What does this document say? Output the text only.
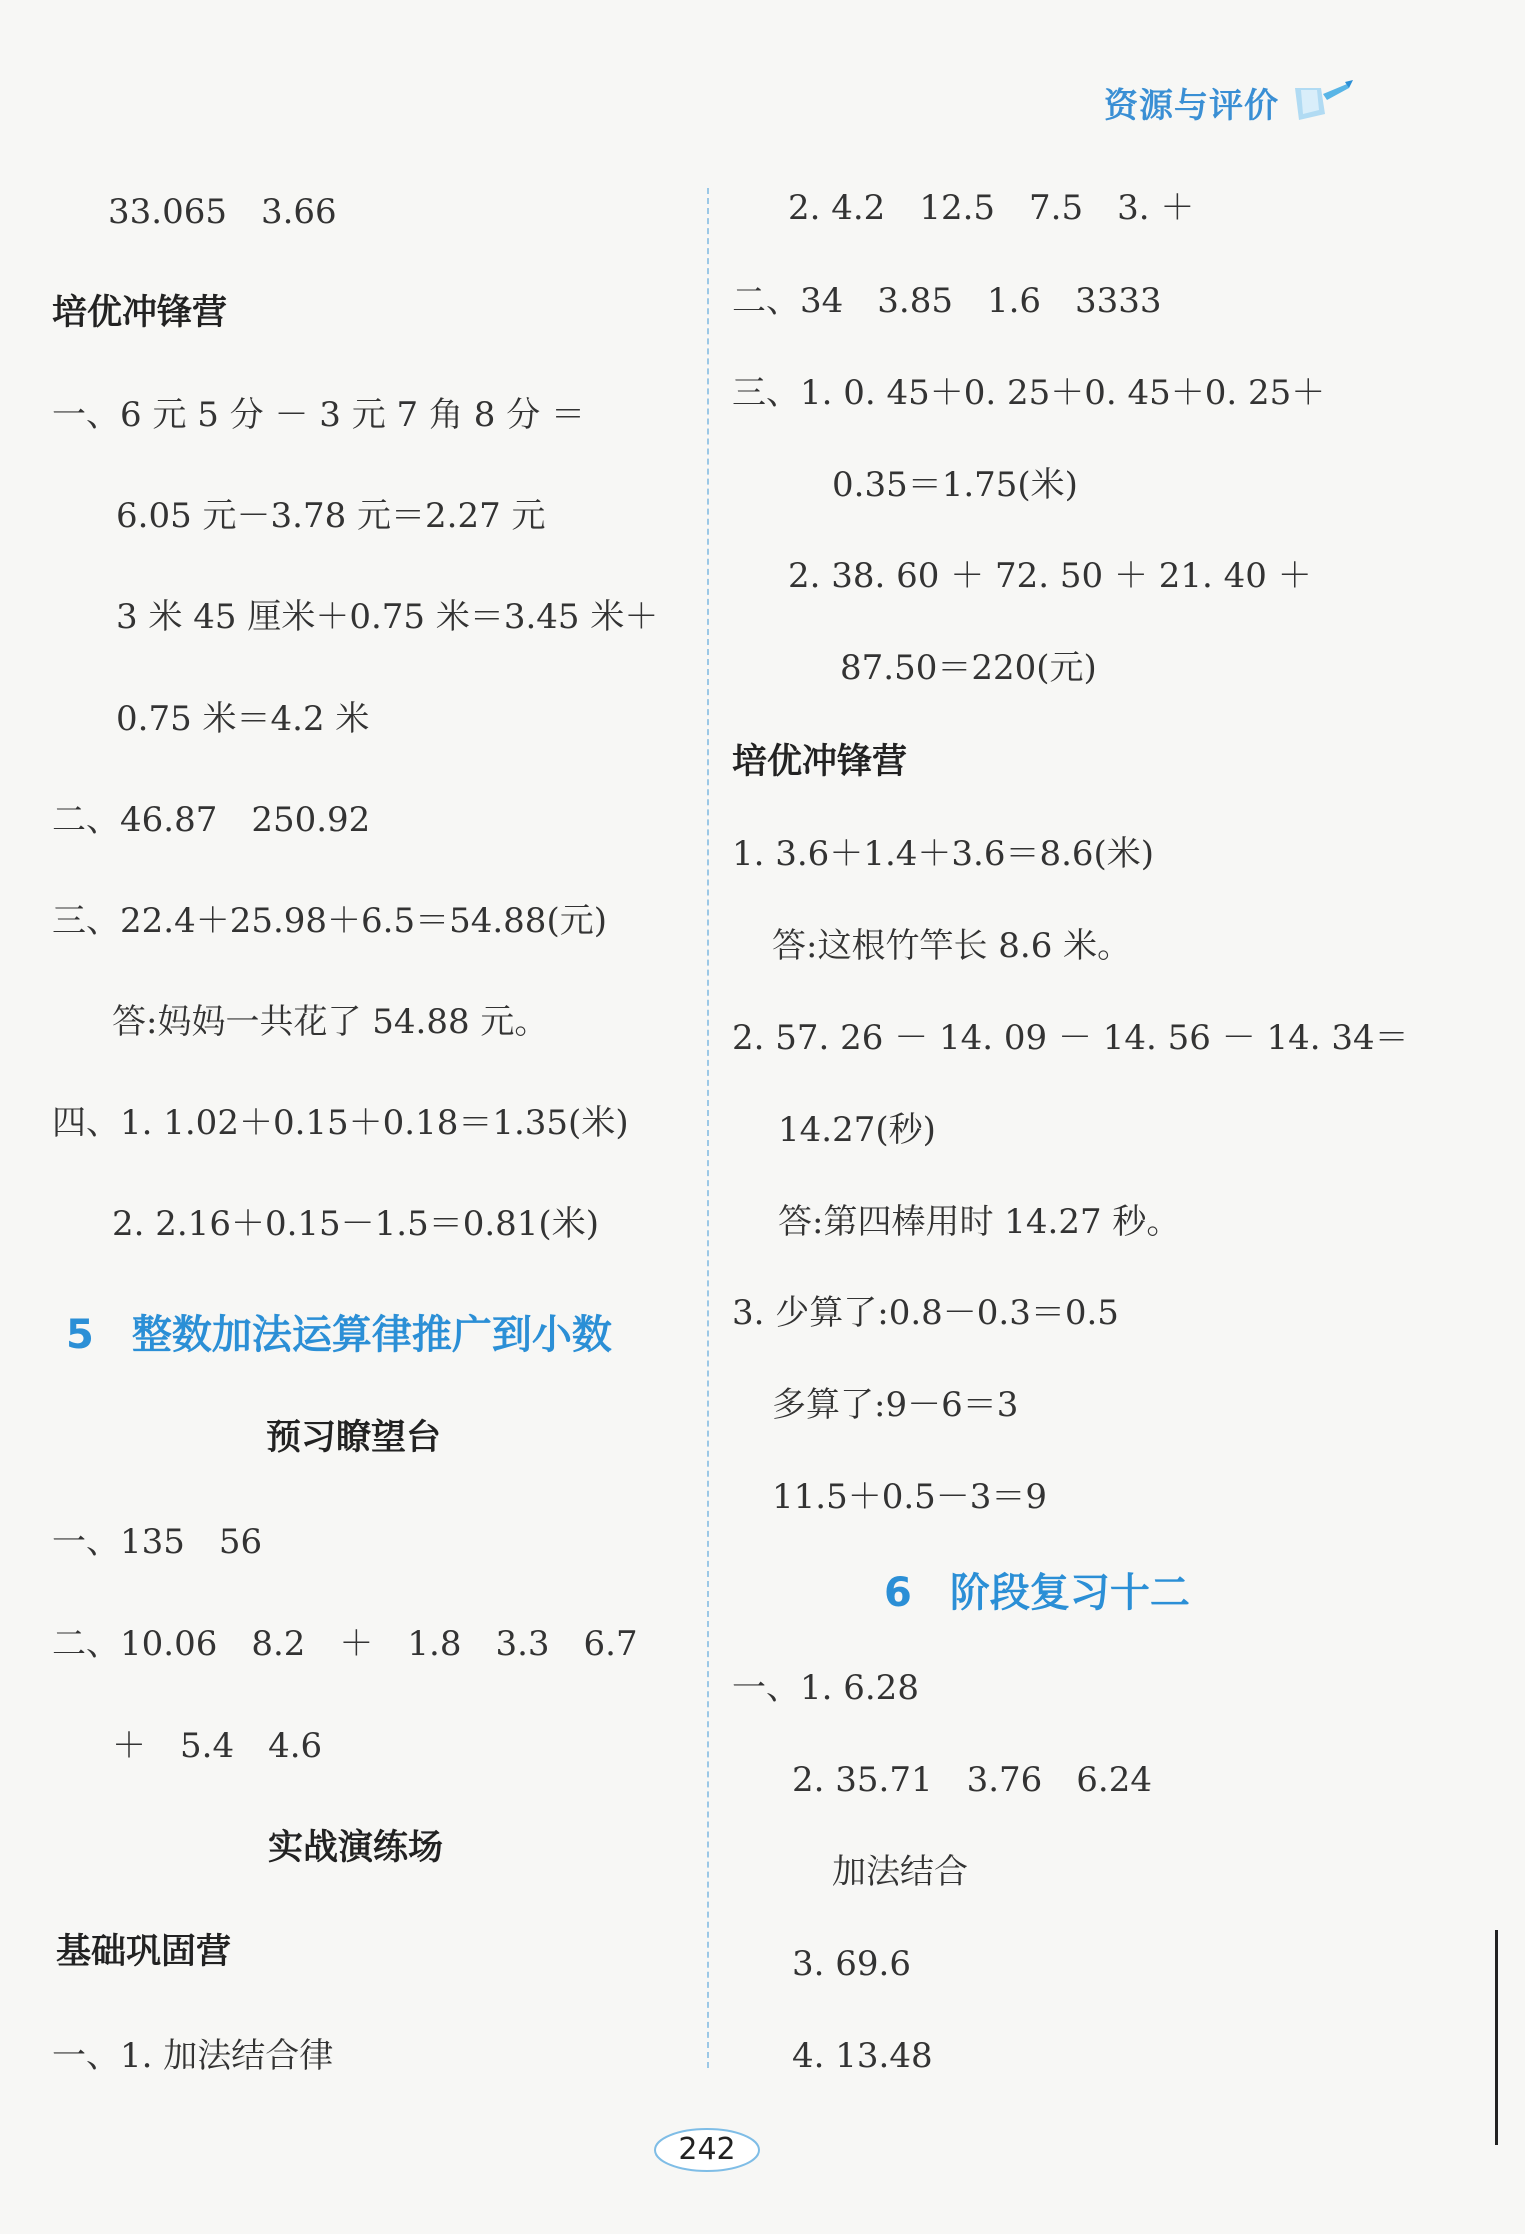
资源与评价
33.065　3.66
培优冲锋营
一、6 元 5 分 － 3 元 7 角 8 分 ＝
6.05 元－3.78 元＝2.27 元
3 米 45 厘米＋0.75 米＝3.45 米＋
0.75 米＝4.2 米
二、46.87　250.92
三、22.4＋25.98＋6.5＝54.88(元)
答:妈妈一共花了 54.88 元。
四、1. 1.02＋0.15＋0.18＝1.35(米)
2. 2.16＋0.15－1.5＝0.81(米)
5 整数加法运算律推广到小数
预习瞭望台
一、135　56
二、10.06　8.2　＋　1.8　3.3　6.7
＋　5.4　4.6
实战演练场
基础巩固营
一、1. 加法结合律
2. 4.2　12.5　7.5　3. ＋
二、34　3.85　1.6　3333
三、1. 0. 45＋0. 25＋0. 45＋0. 25＋
0.35＝1.75(米)
2. 38. 60 ＋ 72. 50 ＋ 21. 40 ＋
87.50＝220(元)
培优冲锋营
1. 3.6＋1.4＋3.6＝8.6(米)
答:这根竹竿长 8.6 米。
2. 57. 26 － 14. 09 － 14. 56 － 14. 34＝
14.27(秒)
答:第四棒用时 14.27 秒。
3. 少算了:0.8－0.3＝0.5
多算了:9－6＝3
11.5＋0.5－3＝9
6 阶段复习十二
一、1. 6.28
2. 35.71　3.76　6.24
加法结合
3. 69.6
4. 13.48
242
